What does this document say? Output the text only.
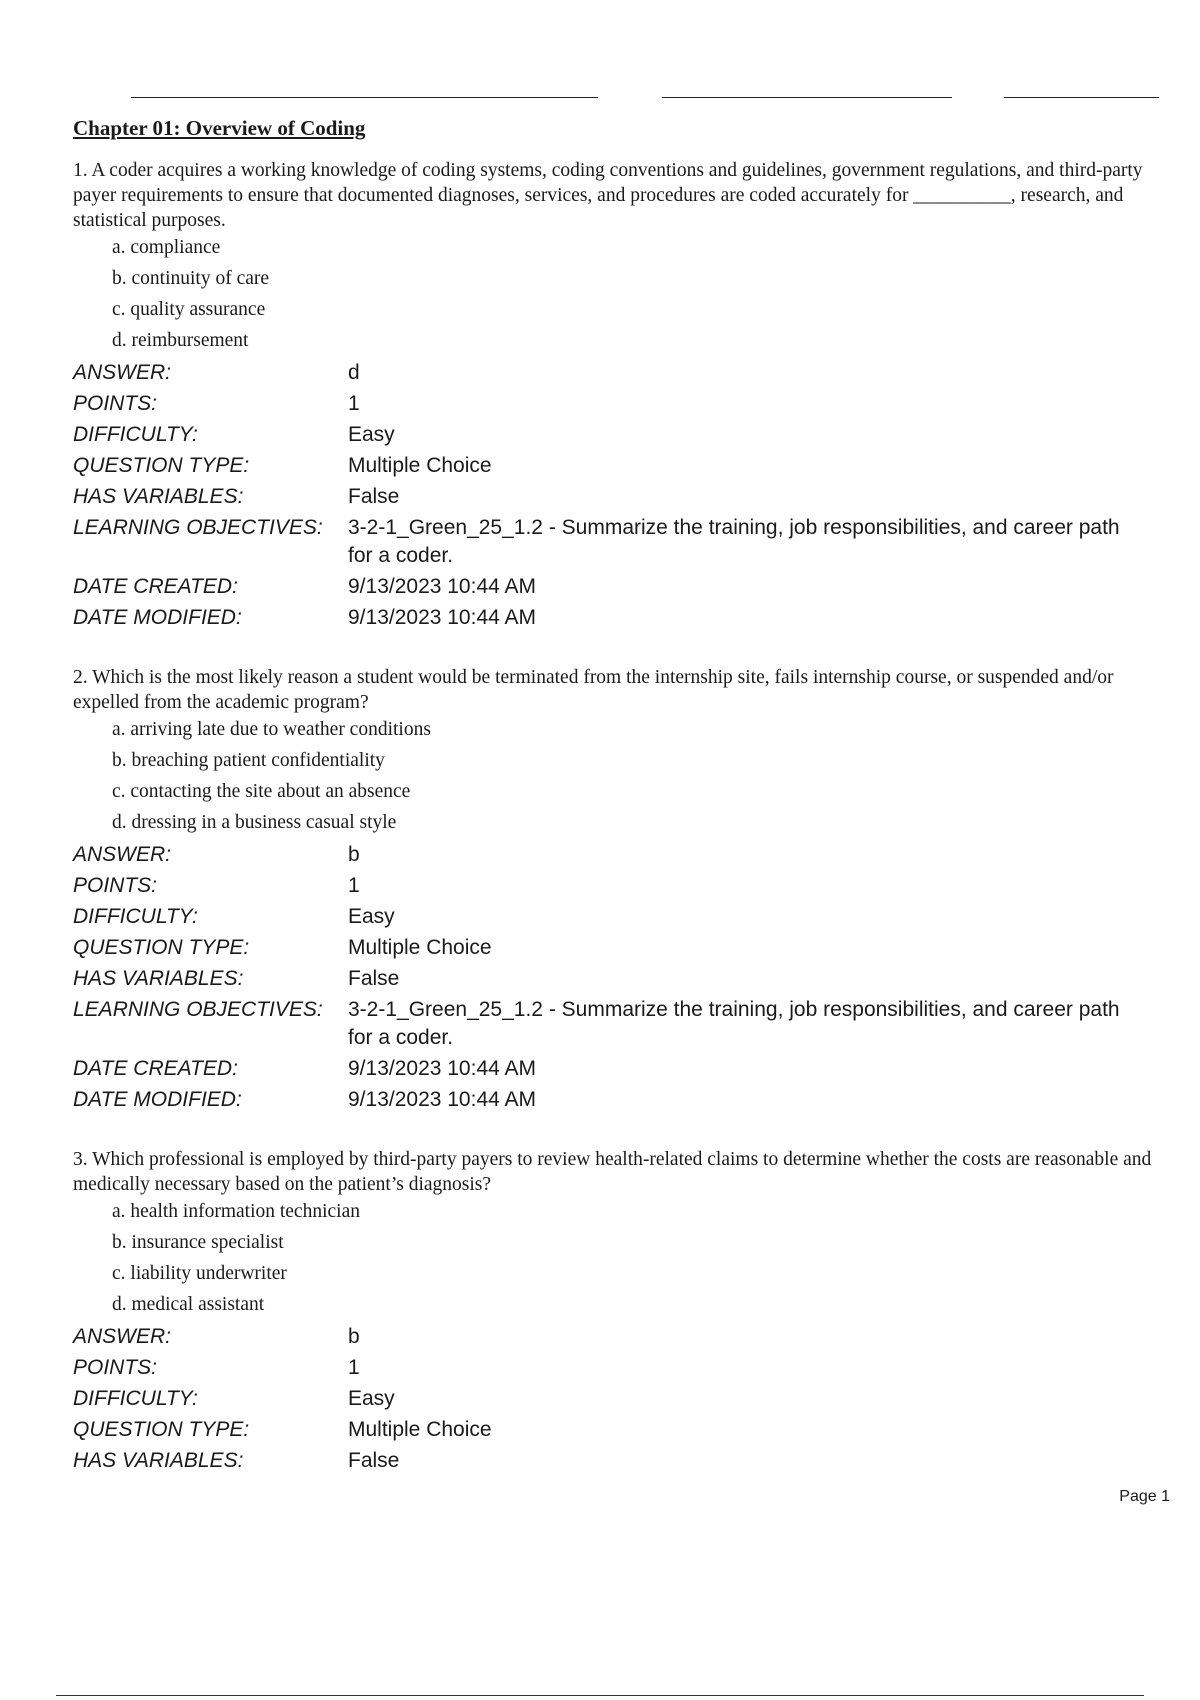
Chapter 01: Overview of Coding

1. A coder acquires a working knowledge of coding systems, coding conventions and guidelines, government regulations, and third-party payer requirements to ensure that documented diagnoses, services, and procedures are coded accurately for __________, research, and statistical purposes.

a. compliance
b. continuity of care
c. quality assurance
d. reimbursement
ANSWER:	d
POINTS:	1
DIFFICULTY:	Easy
QUESTION TYPE:	Multiple Choice
HAS VARIABLES:	False
LEARNING OBJECTIVES:	3-2-1_Green_25_1.2 - Summarize the training, job responsibilities, and career path for a coder.
DATE CREATED:	9/13/2023 10:44 AM
DATE MODIFIED:	9/13/2023 10:44 AM

2. Which is the most likely reason a student would be terminated from the internship site, fails internship course, or suspended and/or expelled from the academic program?

a. arriving late due to weather conditions
b. breaching patient confidentiality
c. contacting the site about an absence
d. dressing in a business casual style
ANSWER:	b
POINTS:	1
DIFFICULTY:	Easy
QUESTION TYPE:	Multiple Choice
HAS VARIABLES:	False
LEARNING OBJECTIVES:	3-2-1_Green_25_1.2 - Summarize the training, job responsibilities, and career path for a coder.
DATE CREATED:	9/13/2023 10:44 AM
DATE MODIFIED:	9/13/2023 10:44 AM

3. Which professional is employed by third-party payers to review health-related claims to determine whether the costs are reasonable and medically necessary based on the patient’s diagnosis?

a. health information technician
b. insurance specialist
c. liability underwriter
d. medical assistant
ANSWER:	b
POINTS:	1
DIFFICULTY:	Easy
QUESTION TYPE:	Multiple Choice
HAS VARIABLES:	False
Page 1
